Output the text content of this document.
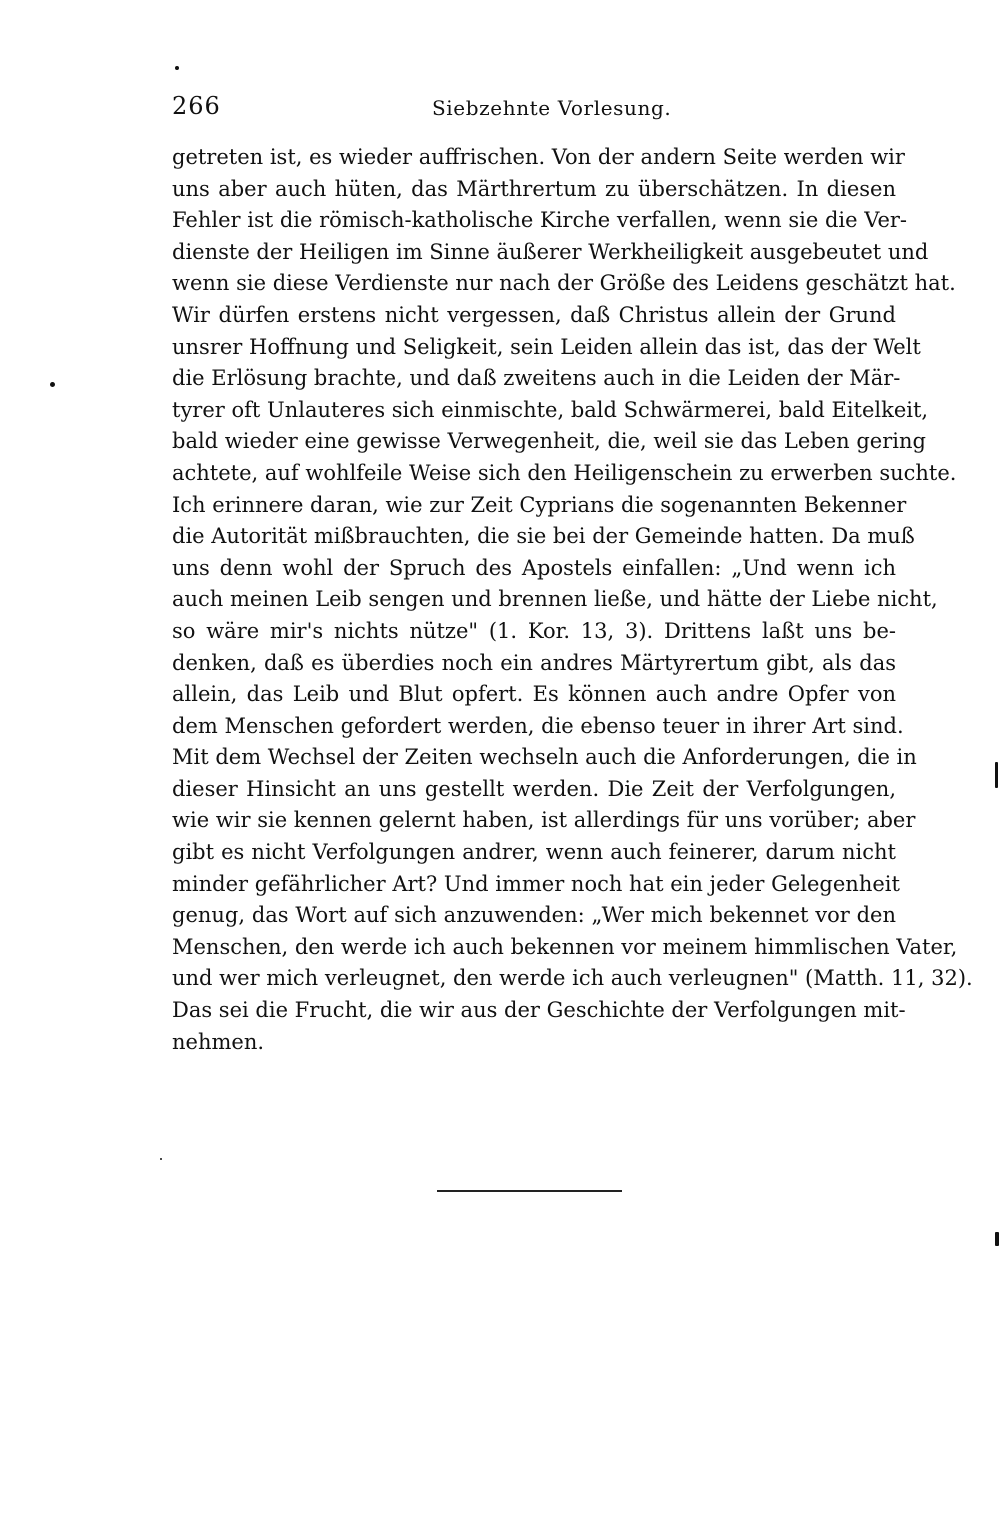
266	Siebzehnte Vorlesung.
getreten ist, es wieder auffrischen. Von der andern Seite werden wir
uns aber auch hüten, das Märthrertum zu überschätzen. In diesen
Fehler ist die römisch-katholische Kirche verfallen, wenn sie die Ver-
dienste der Heiligen im Sinne äußerer Werkheiligkeit ausgebeutet und
wenn sie diese Verdienste nur nach der Größe des Leidens geschätzt hat.
Wir dürfen erstens nicht vergessen, daß Christus allein der Grund
unsrer Hoffnung und Seligkeit, sein Leiden allein das ist, das der Welt
die Erlösung brachte, und daß zweitens auch in die Leiden der Mär-
tyrer oft Unlauteres sich einmischte, bald Schwärmerei, bald Eitelkeit,
bald wieder eine gewisse Verwegenheit, die, weil sie das Leben gering
achtete, auf wohlfeile Weise sich den Heiligenschein zu erwerben suchte.
Ich erinnere daran, wie zur Zeit Cyprians die sogenannten Bekenner
die Autorität mißbrauchten, die sie bei der Gemeinde hatten. Da muß
uns denn wohl der Spruch des Apostels einfallen: „Und wenn ich
auch meinen Leib sengen und brennen ließe, und hätte der Liebe nicht,
so wäre mir's nichts nütze" (1. Kor. 13, 3). Drittens laßt uns be-
denken, daß es überdies noch ein andres Märtyrertum gibt, als das
allein, das Leib und Blut opfert. Es können auch andre Opfer von
dem Menschen gefordert werden, die ebenso teuer in ihrer Art sind.
Mit dem Wechsel der Zeiten wechseln auch die Anforderungen, die in
dieser Hinsicht an uns gestellt werden. Die Zeit der Verfolgungen,
wie wir sie kennen gelernt haben, ist allerdings für uns vorüber; aber
gibt es nicht Verfolgungen andrer, wenn auch feinerer, darum nicht
minder gefährlicher Art? Und immer noch hat ein jeder Gelegenheit
genug, das Wort auf sich anzuwenden: „Wer mich bekennet vor den
Menschen, den werde ich auch bekennen vor meinem himmlischen Vater,
und wer mich verleugnet, den werde ich auch verleugnen" (Matth. 11, 32).
Das sei die Frucht, die wir aus der Geschichte der Verfolgungen mit-
nehmen.
